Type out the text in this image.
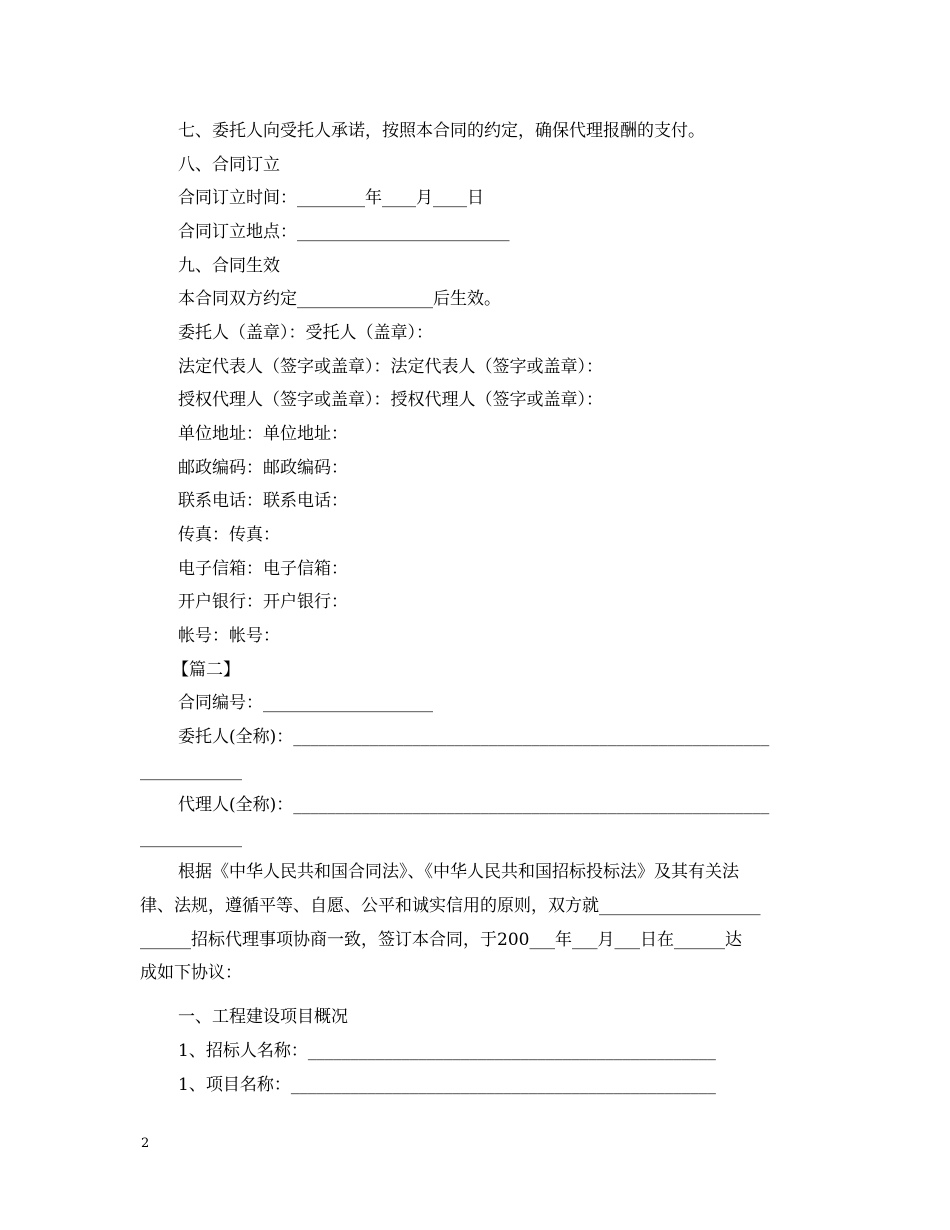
七、委托人向受托人承诺，按照本合同的约定，确保代理报酬的支付。
八、合同订立
合同订立时间：________年____月____日
合同订立地点：_________________________
九、合同生效
本合同双方约定________________后生效。
委托人（盖章）：受托人（盖章）：
法定代表人（签字或盖章）：法定代表人（签字或盖章）：
授权代理人（签字或盖章）：授权代理人（签字或盖章）：
单位地址：单位地址：
邮政编码：邮政编码：
联系电话：联系电话：
传真：传真：
电子信箱：电子信箱：
开户银行：开户银行：
帐号：帐号：
【篇二】
合同编号：____________________
委托人(全称)：________________________________________________________
____________
代理人(全称)：________________________________________________________
____________
根据《中华人民共和国合同法》、《中华人民共和国招标投标法》及其有关法
律、法规，遵循平等、自愿、公平和诚实信用的原则，双方就___________________
______招标代理事项协商一致，签订本合同，于200___年___月___日在______达
成如下协议：
一、工程建设项目概况
1、招标人名称：________________________________________________
1、项目名称：__________________________________________________
2
